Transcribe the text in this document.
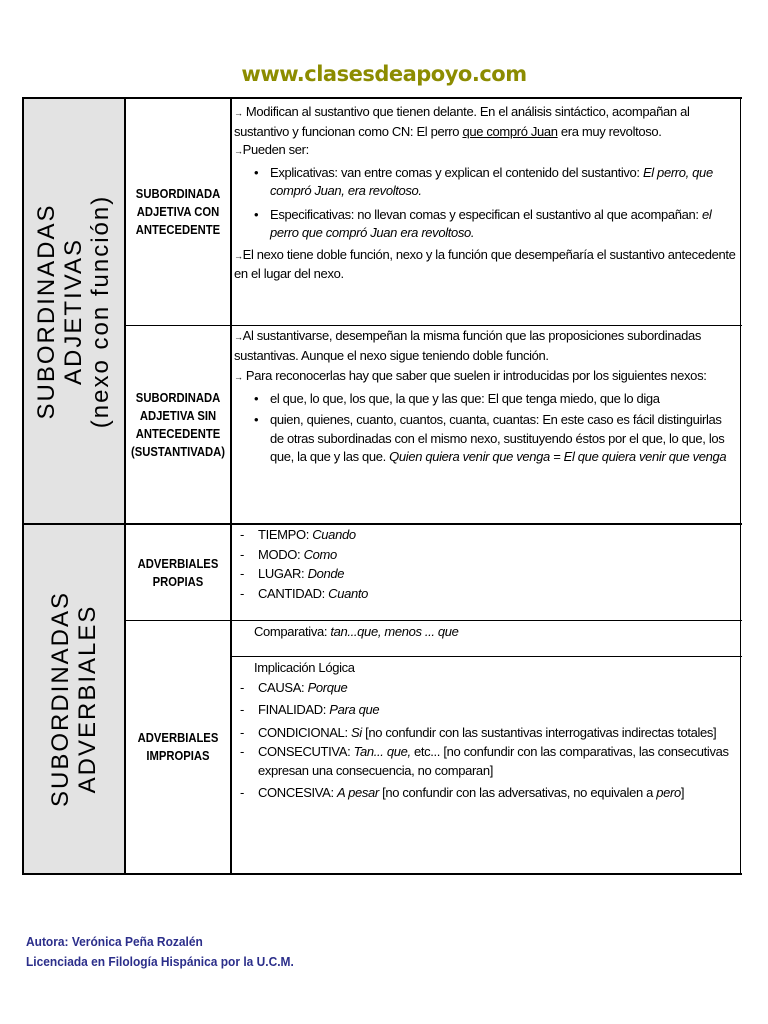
www.clasesdeapoyo.com
SUBORDINADAS ADJETIVAS (nexo con función)
SUBORDINADAS ADVERBIALES
SUBORDINADA ADJETIVA CON ANTECEDENTE

→ Modifican al sustantivo que tienen delante. En el análisis sintáctico, acompañan al sustantivo y funcionan como CN: El perro que compró Juan era muy revoltoso.

→Pueden ser:

• Explicativas: van entre comas y explican el contenido del sustantivo: El perro, que compró Juan, era revoltoso.

• Especificativas: no llevan comas y especifican el sustantivo al que acompañan: el perro que compró Juan era revoltoso.

→El nexo tiene doble función, nexo y la función que desempeñaría el sustantivo antecedente en el lugar del nexo.

SUBORDINADA ADJETIVA SIN ANTECEDENTE (SUSTANTIVADA)

→Al sustantivarse, desempeñan la misma función que las proposiciones subordinadas sustantivas. Aunque el nexo sigue teniendo doble función.

→ Para reconocerlas hay que saber que suelen ir introducidas por los siguientes nexos:

• el que, lo que, los que, la que y las que: El que tenga miedo, que lo diga

• quien, quienes, cuanto, cuantos, cuanta, cuantas: En este caso es fácil distinguirlas de otras subordinadas con el mismo nexo, sustituyendo éstos por el que, lo que, los que, la que y las que. Quien quiera venir que venga = El que quiera venir que venga

ADVERBIALES PROPIAS

- TIEMPO: Cuando

- MODO: Como

- LUGAR: Donde

- CANTIDAD: Cuanto

ADVERBIALES IMPROPIAS

Comparativa: tan...que, menos ... que

Implicación Lógica

- CAUSA: Porque

- FINALIDAD: Para que

- CONDICIONAL: Si [no confundir con las sustantivas interrogativas indirectas totales]

- CONSECUTIVA: Tan... que, etc... [no confundir con las comparativas, las consecutivas expresan una consecuencia, no comparan]

- CONCESIVA: A pesar [no confundir con las adversativas, no equivalen a pero]

Autora: Verónica Peña Rozalén
Licenciada en Filología Hispánica por la U.C.M.
